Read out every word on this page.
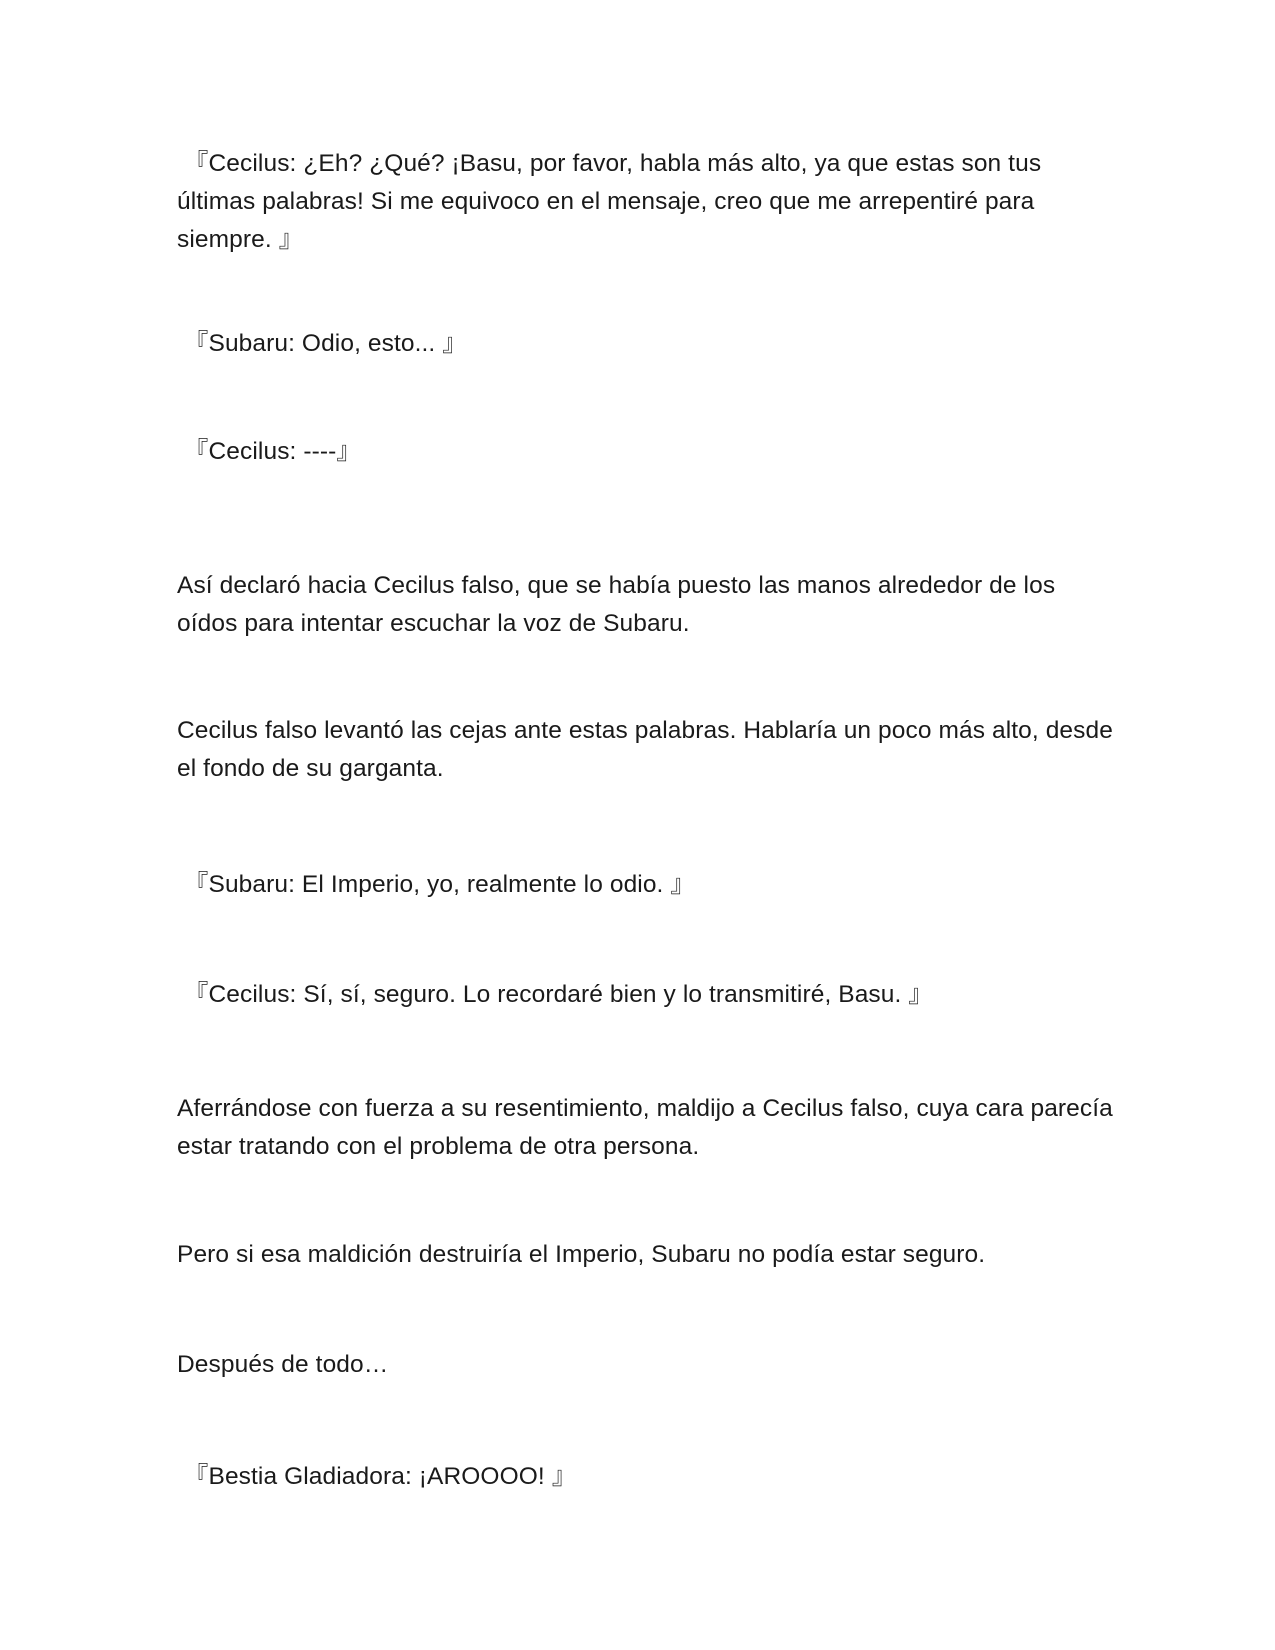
『Cecilus: ¿Eh? ¿Qué? ¡Basu, por favor, habla más alto, ya que estas son tus últimas palabras! Si me equivoco en el mensaje, creo que me arrepentiré para siempre. 』

『Subaru: Odio, esto... 』

『Cecilus: ----』

Así declaró hacia Cecilus falso, que se había puesto las manos alrededor de los oídos para intentar escuchar la voz de Subaru.

Cecilus falso levantó las cejas ante estas palabras. Hablaría un poco más alto, desde el fondo de su garganta.

『Subaru: El Imperio, yo, realmente lo odio. 』

『Cecilus: Sí, sí, seguro. Lo recordaré bien y lo transmitiré, Basu. 』

Aferrándose con fuerza a su resentimiento, maldijo a Cecilus falso, cuya cara parecía estar tratando con el problema de otra persona.

Pero si esa maldición destruiría el Imperio, Subaru no podía estar seguro.

Después de todo…

『Bestia Gladiadora: ¡AROOOO! 』
